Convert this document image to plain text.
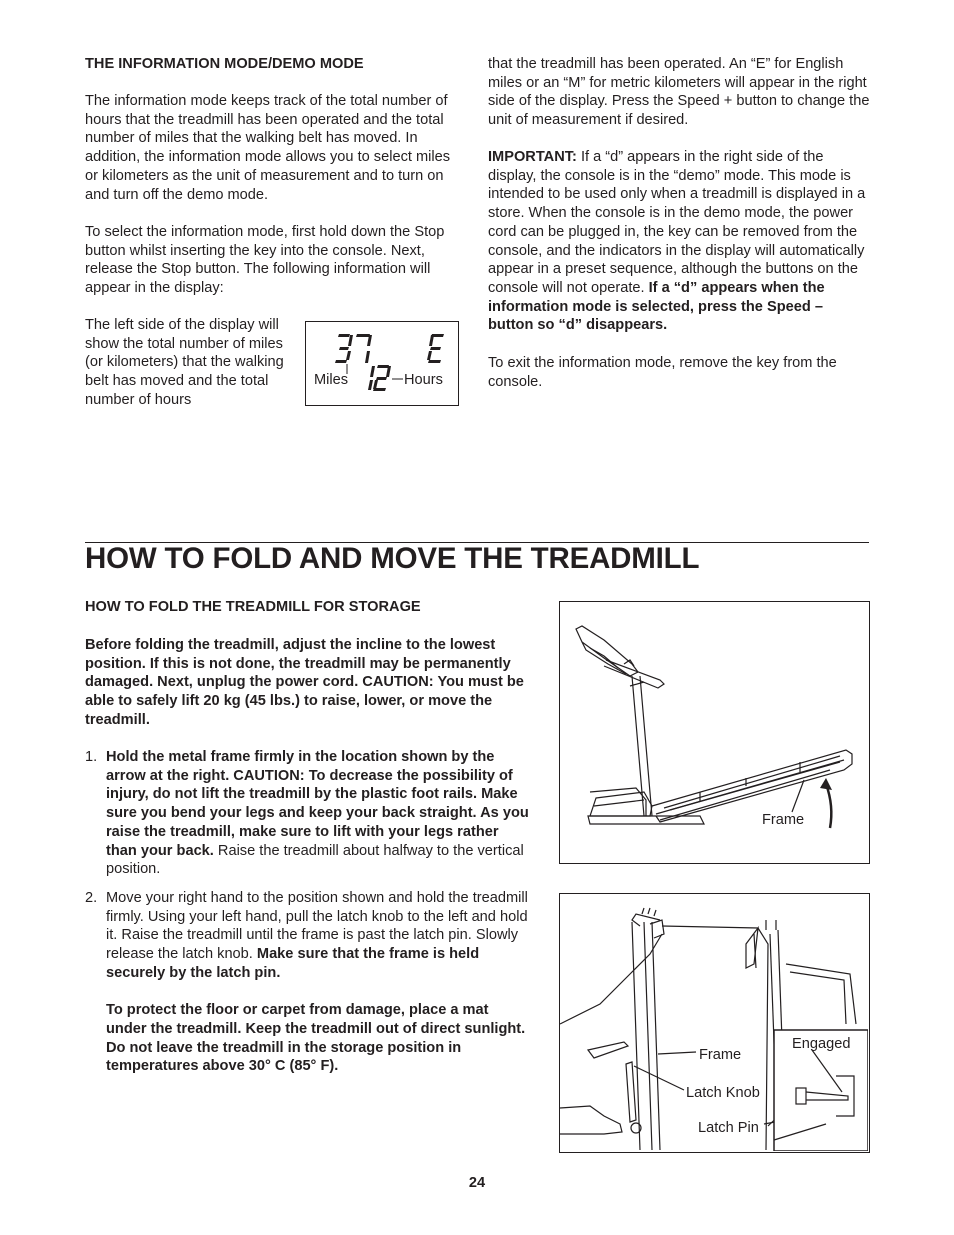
THE INFORMATION MODE/DEMO MODE
The information mode keeps track of the total number of hours that the treadmill has been operated and the total number of miles that the walking belt has moved. In addition, the information mode allows you to select miles or kilometers as the unit of measurement and to turn on and turn off the demo mode.
To select the information mode, first hold down the Stop button whilst inserting the key into the console. Next, release the Stop button. The following information will appear in the display:
The left side of the display will show the total number of miles (or kilometers) that the walking belt has moved and the total number of hours
Miles	Hours
that the treadmill has been operated. An “E” for English miles or an “M” for metric kilometers will appear in the right side of the display. Press the Speed + button to change the unit of measurement if desired.
IMPORTANT: If a “d” appears in the right side of the display, the console is in the “demo” mode. This mode is intended to be used only when a treadmill is displayed in a store. When the console is in the demo mode, the power cord can be plugged in, the key can be removed from the console, and the indicators in the display will automatically appear in a preset sequence, although the buttons on the console will not operate. If a “d” appears when the information mode is selected, press the Speed – button so “d” disappears.
To exit the information mode, remove the key from the console.
HOW TO FOLD AND MOVE THE TREADMILL
HOW TO FOLD THE TREADMILL FOR STORAGE
Before folding the treadmill, adjust the incline to the lowest position. If this is not done, the treadmill may be permanently damaged. Next, unplug the power cord. CAUTION: You must be able to safely lift 20 kg (45 lbs.) to raise, lower, or move the treadmill.
1. Hold the metal frame firmly in the location shown by the arrow at the right. CAUTION: To decrease the possibility of injury, do not lift the treadmill by the plastic foot rails. Make sure you bend your legs and keep your back straight. As you raise the treadmill, make sure to lift with your legs rather than your back. Raise the treadmill about halfway to the vertical position.
2. Move your right hand to the position shown and hold the treadmill firmly. Using your left hand, pull the latch knob to the left and hold it. Raise the treadmill until the frame is past the latch pin. Slowly release the latch knob. Make sure that the frame is held securely by the latch pin.
To protect the floor or carpet from damage, place a mat under the treadmill. Keep the treadmill out of direct sunlight. Do not leave the treadmill in the storage position in temperatures above 30° C (85° F).
Frame
Frame
Latch Knob
Latch Pin
Engaged
24
